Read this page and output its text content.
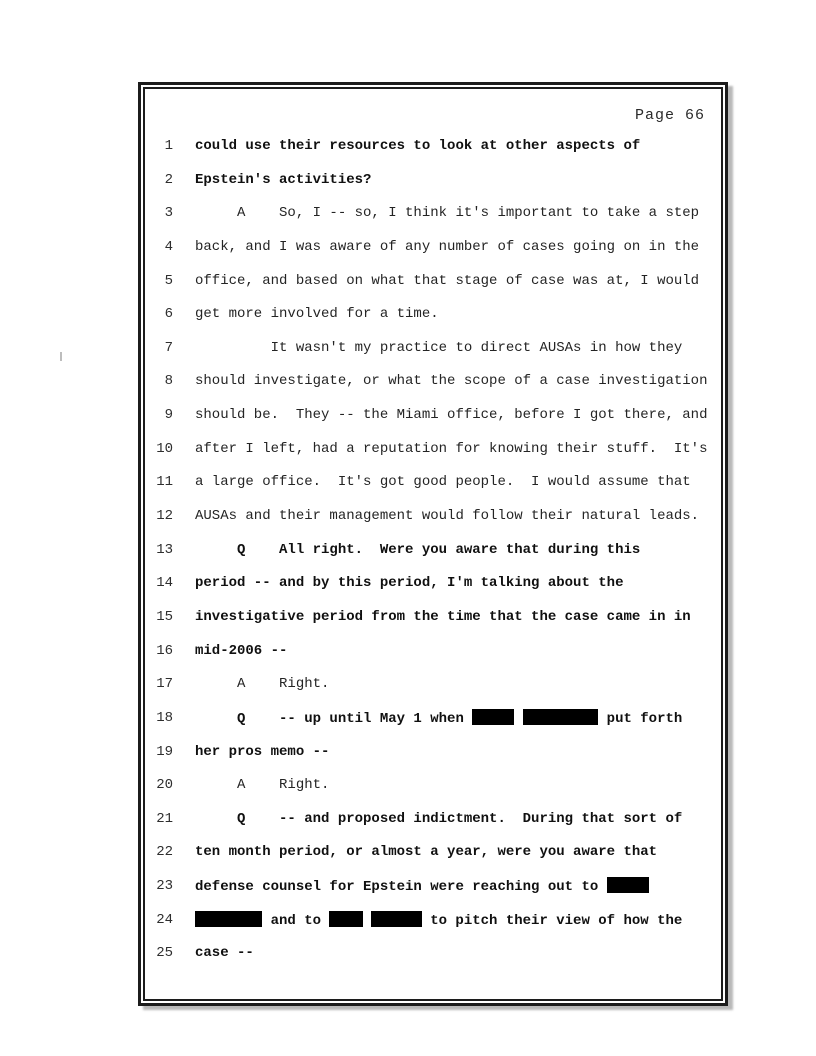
Page 66
1 could use their resources to look at other aspects of
2 Epstein's activities?
3 A    So, I -- so, I think it's important to take a step
4 back, and I was aware of any number of cases going on in the
5 office, and based on what that stage of case was at, I would
6 get more involved for a time.
7 It wasn't my practice to direct AUSAs in how they
8 should investigate, or what the scope of a case investigation
9 should be.  They -- the Miami office, before I got there, and
10 after I left, had a reputation for knowing their stuff.  It's
11 a large office.  It's got good people.  I would assume that
12 AUSAs and their management would follow their natural leads.
13 Q    All right.  Were you aware that during this
14 period -- and by this period, I'm talking about the
15 investigative period from the time that the case came in in
16 mid-2006 --
17 A    Right.
18 Q    -- up until May 1 when	put forth
19 her pros memo --
20 A    Right.
21 Q    -- and proposed indictment.  During that sort of
22 ten month period, or almost a year, were you aware that
23 defense counsel for Epstein were reaching out to
24	and to	to pitch their view of how the
25 case --
